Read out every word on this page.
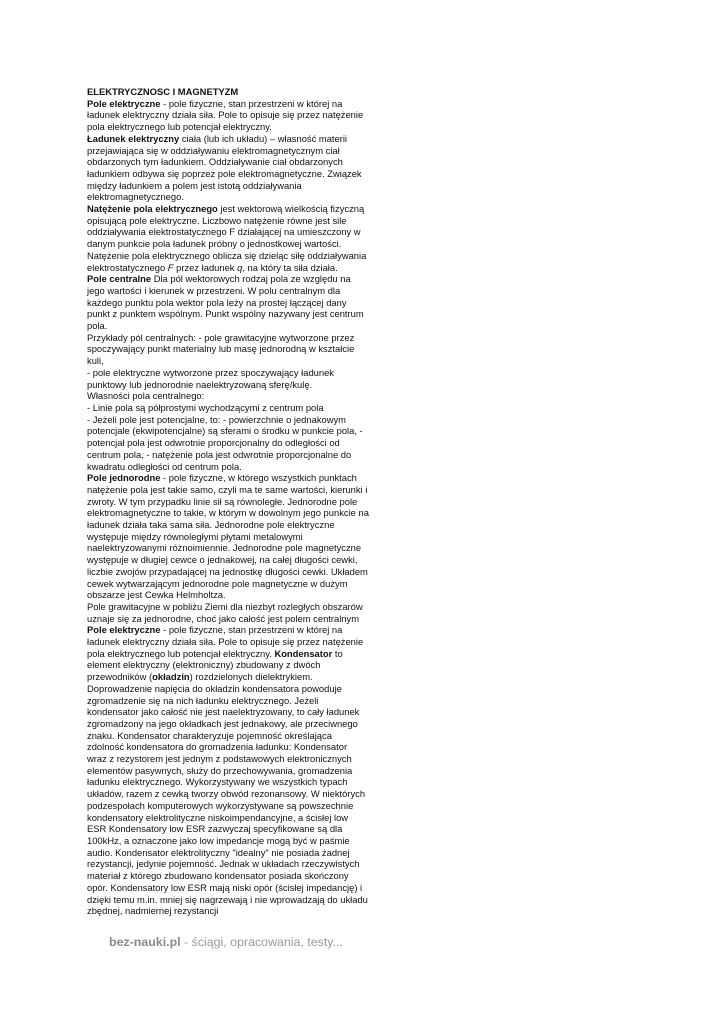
ELEKTRYCZNOSC I MAGNETYZM

Pole elektryczne - pole fizyczne, stan przestrzeni w której na ładunek elektryczny działa siła. Pole to opisuje się przez natężenie pola elektrycznego lub potencjał elektryczny.

Ładunek elektryczny ciała (lub ich układu) – własność materii przejawiająca się w oddziaływaniu elektromagnetycznym ciał obdarzonych tym ładunkiem. Oddziaływanie ciał obdarzonych ładunkiem odbywa się poprzez pole elektromagnetyczne. Związek między ładunkiem a polem jest istotą oddziaływania elektromagnetycznego.

Natężenie pola elektrycznego jest wektorową wielkością fizyczną opisującą pole elektryczne. Liczbowo natężenie równe jest sile oddziaływania elektrostatycznego F działającej na umieszczony w danym punkcie pola ładunek próbny o jednostkowej wartości.

Natężenie pola elektrycznego oblicza się dzieląc siłę oddziaływania elektrostatycznego F przez ładunek q, na który ta siła działa.

Pole centralne Dla pól wektorowych rodzaj pola ze względu na jego wartości i kierunek w przestrzeni. W polu centralnym dla każdego punktu pola wektor pola leży na prostej łączącej dany punkt z punktem wspólnym. Punkt wspólny nazywany jest centrum pola.

Przykłady pól centralnych: - pole grawitacyjne wytworzone przez spoczywający punkt materialny lub masę jednorodną w kształcie kuli,

- pole elektryczne wytworzone przez spoczywający ładunek punktowy lub jednorodnie naelektryzowaną sferę/kulę.

Własności pola centralnego:

- Linie pola są półprostymi wychodzącymi z centrum pola

- Jeżeli pole jest potencjalne, to: - powierzchnie o jednakowym potencjale (ekwipotencjalne) są sferami o środku w punkcie pola, - potencjał pola jest odwrotnie proporcjonalny do odległości od centrum pola, - natężenie pola jest odwrotnie proporcjonalne do kwadratu odległości od centrum pola.

Pole jednorodne - pole fizyczne, w którego wszystkich punktach natężenie pola jest takie samo, czyli ma te same wartości, kierunki i zwroty. W tym przypadku linie sił są równoległe. Jednorodne pole elektromagnetyczne to takie, w którym w dowolnym jego punkcie na ładunek działa taka sama siła. Jednorodne pole elektryczne występuje między równoległymi płytami metalowymi naelektryzowanymi różnoimiennie. Jednorodne pole magnetyczne występuje w długiej cewce o jednakowej, na całej długości cewki, liczbie zwojów przypadającej na jednostkę długości cewki. Układem cewek wytwarzającym jednorodne pole magnetyczne w dużym obszarze jest Cewka Helmholtza.

Pole grawitacyjne w pobliżu Ziemi dla niezbyt rozległych obszarów uznaje się za jednorodne, choć jako całość jest polem centralnym Pole elektryczne - pole fizyczne, stan przestrzeni w której na ładunek elektryczny działa siła. Pole to opisuje się przez natężenie pola elektrycznego lub potencjał elektryczny. Kondensator to element elektryczny (elektroniczny) zbudowany z dwóch przewodników (okładzin) rozdzielonych dielektrykiem. Doprowadzenie napięcia do okładzin kondensatora powoduje zgromadzenie się na nich ładunku elektrycznego. Jeżeli kondensator jako całość nie jest naelektryzowany, to cały ładunek zgromadzony na jego okładkach jest jednakowy, ale przeciwnego znaku. Kondensator charakteryzuje pojemność określająca zdolność kondensatora do gromadzenia ładunku: Kondensator wraz z rezystorem jest jednym z podstawowych elektronicznych elementów pasywnych, służy do przechowywania, gromadzenia ładunku elektrycznego. Wykorzystywany we wszystkich typach układów, razem z cewką tworzy obwód rezonansowy. W niektórych podzespołach komputerowych wykorzystywane są powszechnie kondensatory elektrolityczne niskoimpendancyjne, a ścisłej low ESR Kondensatory low ESR zazwyczaj specyfikowane są dla 100kHz, a oznaczone jako low impedancje mogą być w paśmie audio. Kondensator elektrolityczny "idealny" nie posiada żadnej rezystancji, jedynie pojemność. Jednak w układach rzeczywistych materiał z którego zbudowano kondensator posiada skończony opór. Kondensatory low ESR mają niski opór (ścisłej impedancję) i dzięki temu m.in. mniej się nagrzewają i nie wprowadzają do układu zbędnej, nadmiernej rezystancji

bez-nauki.pl - ściągi, opracowania, testy...
